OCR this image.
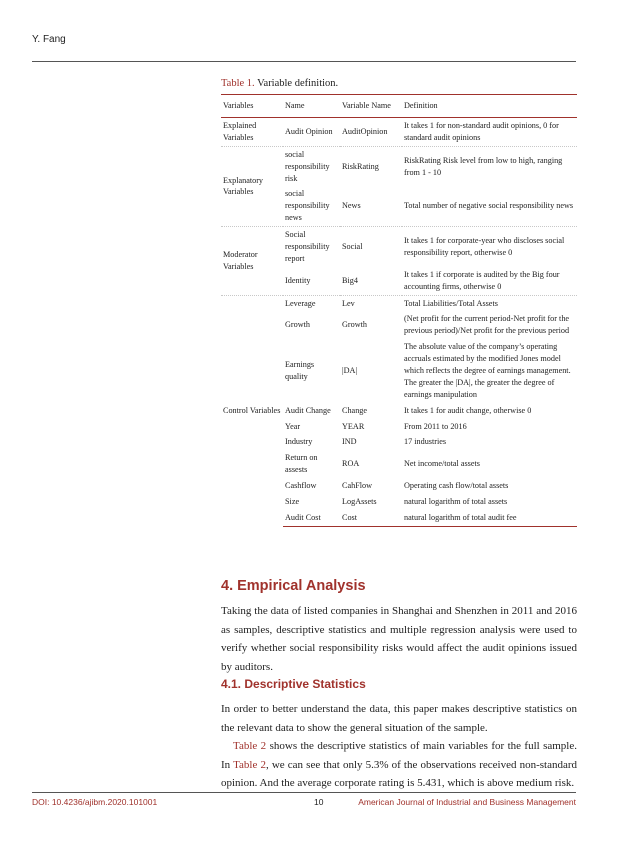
Y. Fang
Table 1. Variable definition.
Variables	Name	Variable Name	Definition
Explained Variables	Audit Opinion	AuditOpinion	It takes 1 for non-standard audit opinions, 0 for standard audit opinions
Explanatory Variables	social responsibility risk	RiskRating	RiskRating Risk level from low to high, ranging from 1 - 10
	social responsibility news	News	Total number of negative social responsibility news
Moderator Variables	Social responsibility report	Social	It takes 1 for corporate-year who discloses social responsibility report, otherwise 0
	Identity	Big4	It takes 1 if corporate is audited by the Big four accounting firms, otherwise 0
Control Variables	Leverage	Lev	Total Liabilities/Total Assets
	Growth	Growth	(Net profit for the current period-Net profit for the previous period)/Net profit for the previous period
	Earnings quality	|DA|	The absolute value of the company’s operating accruals estimated by the modified Jones model which reflects the degree of earnings management. The greater the |DA|, the greater the degree of earnings manipulation
	Audit Change	Change	It takes 1 for audit change, otherwise 0
	Year	YEAR	From 2011 to 2016
	Industry	IND	17 industries
	Return on assests	ROA	Net income/total assets
	Cashflow	CahFlow	Operating cash flow/total assets
	Size	LogAssets	natural logarithm of total assets
	Audit Cost	Cost	natural logarithm of total audit fee
4. Empirical Analysis

Taking the data of listed companies in Shanghai and Shenzhen in 2011 and 2016 as samples, descriptive statistics and multiple regression analysis were used to verify whether social responsibility risks would affect the audit opinions issued by auditors.

4.1. Descriptive Statistics

In order to better understand the data, this paper makes descriptive statistics on the relevant data to show the general situation of the sample.

Table 2 shows the descriptive statistics of main variables for the full sample. In Table 2, we can see that only 5.3% of the observations received non-standard opinion. And the average corporate rating is 5.431, which is above medium risk.

DOI: 10.4236/ajibm.2020.101001	10	American Journal of Industrial and Business Management
